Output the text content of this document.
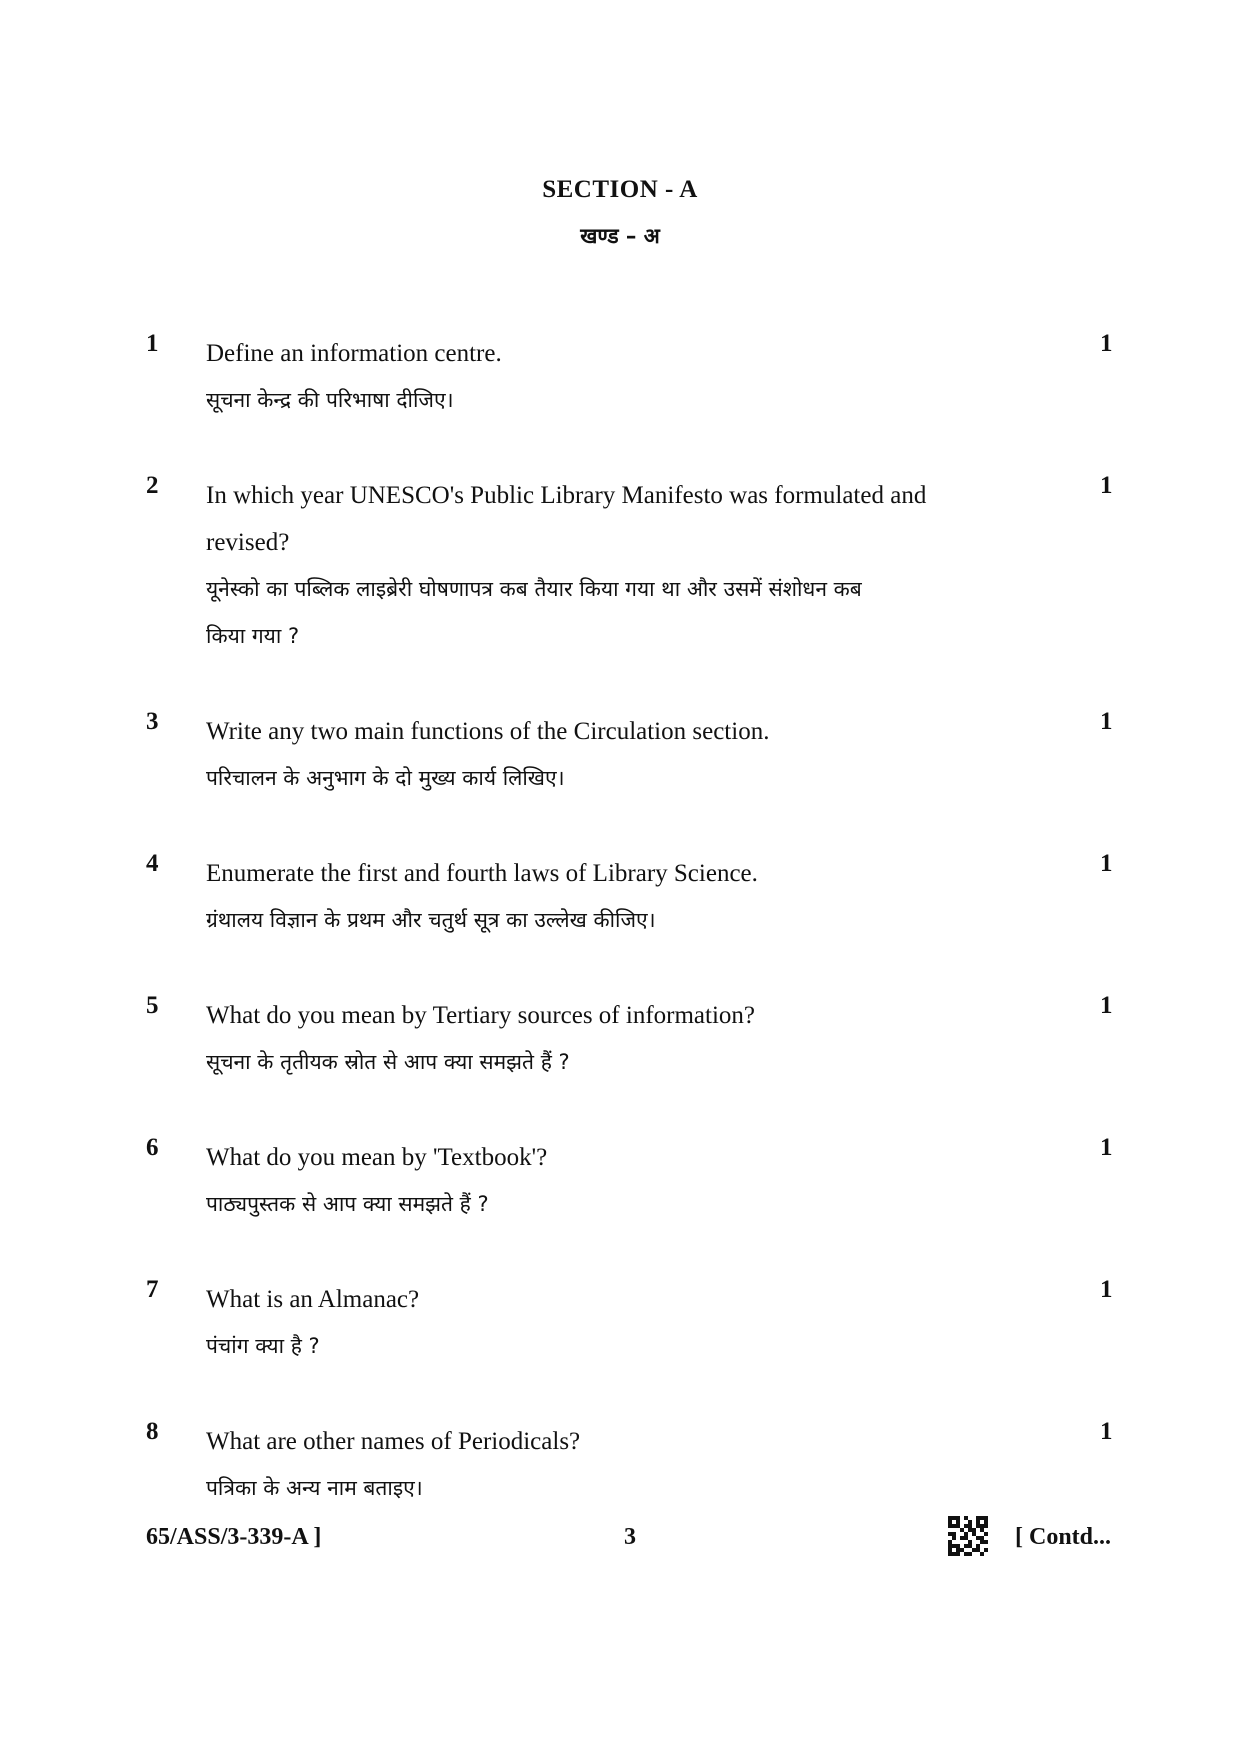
SECTION - A
खण्ड – अ
1 Define an information centre.

सूचना केन्द्र की परिभाषा दीजिए।

1
2 In which year UNESCO's Public Library Manifesto was formulated and
revised?

यूनेस्को का पब्लिक लाइब्रेरी घोषणापत्र कब तैयार किया गया था और उसमें संशोधन कब

किया गया ?

1
3 Write any two main functions of the Circulation section.

परिचालन के अनुभाग के दो मुख्य कार्य लिखिए।

1
4 Enumerate the first and fourth laws of Library Science.

ग्रंथालय विज्ञान के प्रथम और चतुर्थ सूत्र का उल्लेख कीजिए।

1
5 What do you mean by Tertiary sources of information?

सूचना के तृतीयक स्रोत से आप क्या समझते हैं ?

1
6 What do you mean by 'Textbook'?

पाठ्यपुस्तक से आप क्या समझते हैं ?

1
7 What is an Almanac?

पंचांग क्या है ?

1
8 What are other names of Periodicals?

पत्रिका के अन्य नाम बताइए।

1
65/ASS/3-339-A ]	3	[ Contd...
